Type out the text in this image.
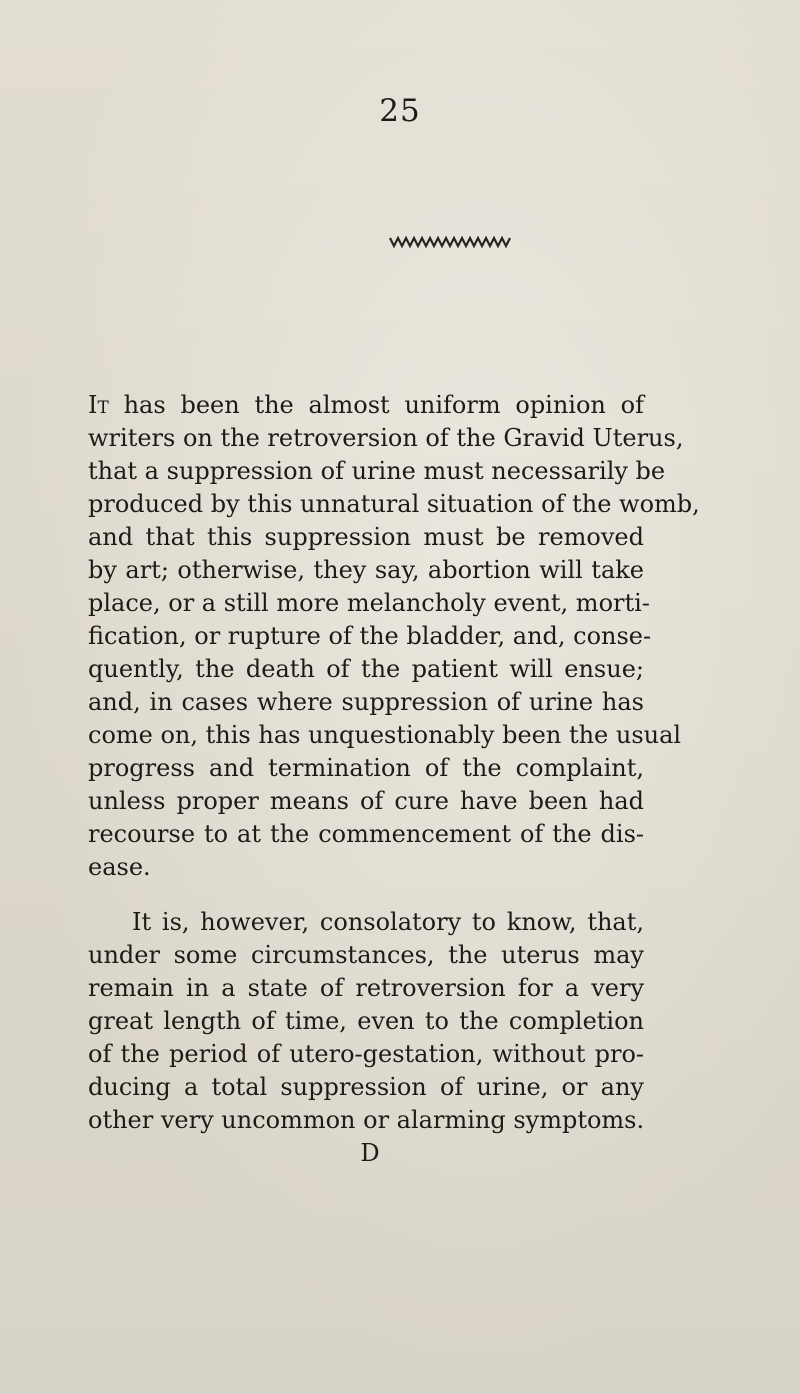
25
It has been the almost uniform opinion of
writers on the retroversion of the Gravid Uterus,
that a suppression of urine must necessarily be
produced by this unnatural situation of the womb,
and that this suppression must be removed
by art; otherwise, they say, abortion will take
place, or a still more melancholy event, morti-
fication, or rupture of the bladder, and, conse-
quently, the death of the patient will ensue;
and, in cases where suppression of urine has
come on, this has unquestionably been the usual
progress and termination of the complaint,
unless proper means of cure have been had
recourse to at the commencement of the dis-
ease.
It is, however, consolatory to know, that,
under some circumstances, the uterus may
remain in a state of retroversion for a very
great length of time, even to the completion
of the period of utero-gestation, without pro-
ducing a total suppression of urine, or any
other very uncommon or alarming symptoms.
D
